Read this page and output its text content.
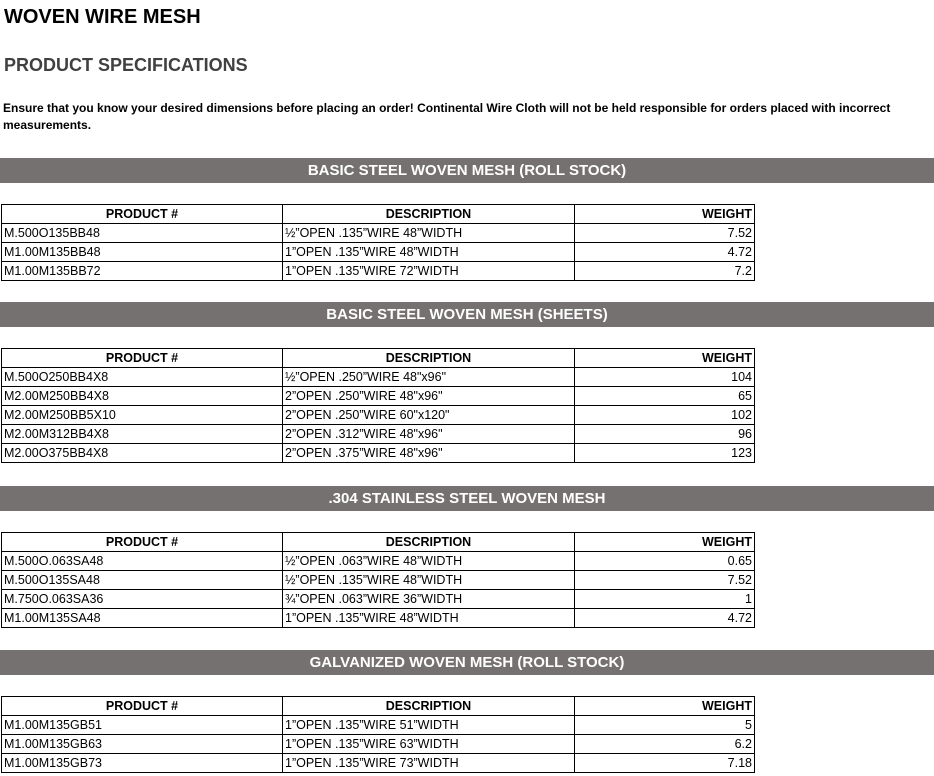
WOVEN WIRE MESH
PRODUCT SPECIFICATIONS
Ensure that you know your desired dimensions before placing an order! Continental Wire Cloth will not be held responsible for orders placed with incorrect measurements.
BASIC STEEL WOVEN MESH (ROLL STOCK)
PRODUCT #	DESCRIPTION	WEIGHT
M.500O135BB48	½”OPEN .135”WIRE 48”WIDTH	7.52
M1.00M135BB48	1”OPEN .135”WIRE 48”WIDTH	4.72
M1.00M135BB72	1”OPEN .135”WIRE 72”WIDTH	7.2
BASIC STEEL WOVEN MESH (SHEETS)
PRODUCT #	DESCRIPTION	WEIGHT
M.500O250BB4X8	½”OPEN .250”WIRE 48"x96"	104
M2.00M250BB4X8	2”OPEN .250”WIRE 48"x96"	65
M2.00M250BB5X10	2”OPEN .250”WIRE 60"x120"	102
M2.00M312BB4X8	2”OPEN .312”WIRE 48"x96"	96
M2.00O375BB4X8	2”OPEN .375”WIRE 48"x96"	123
.304 STAINLESS STEEL WOVEN MESH
PRODUCT #	DESCRIPTION	WEIGHT
M.500O.063SA48	½”OPEN .063”WIRE 48”WIDTH	0.65
M.500O135SA48	½”OPEN .135”WIRE 48”WIDTH	7.52
M.750O.063SA36	¾”OPEN .063”WIRE 36”WIDTH	1
M1.00M135SA48	1”OPEN .135”WIRE 48”WIDTH	4.72
GALVANIZED WOVEN MESH (ROLL STOCK)
PRODUCT #	DESCRIPTION	WEIGHT
M1.00M135GB51	1”OPEN .135”WIRE 51”WIDTH	5
M1.00M135GB63	1”OPEN .135”WIRE 63”WIDTH	6.2
M1.00M135GB73	1”OPEN .135”WIRE 73”WIDTH	7.18
